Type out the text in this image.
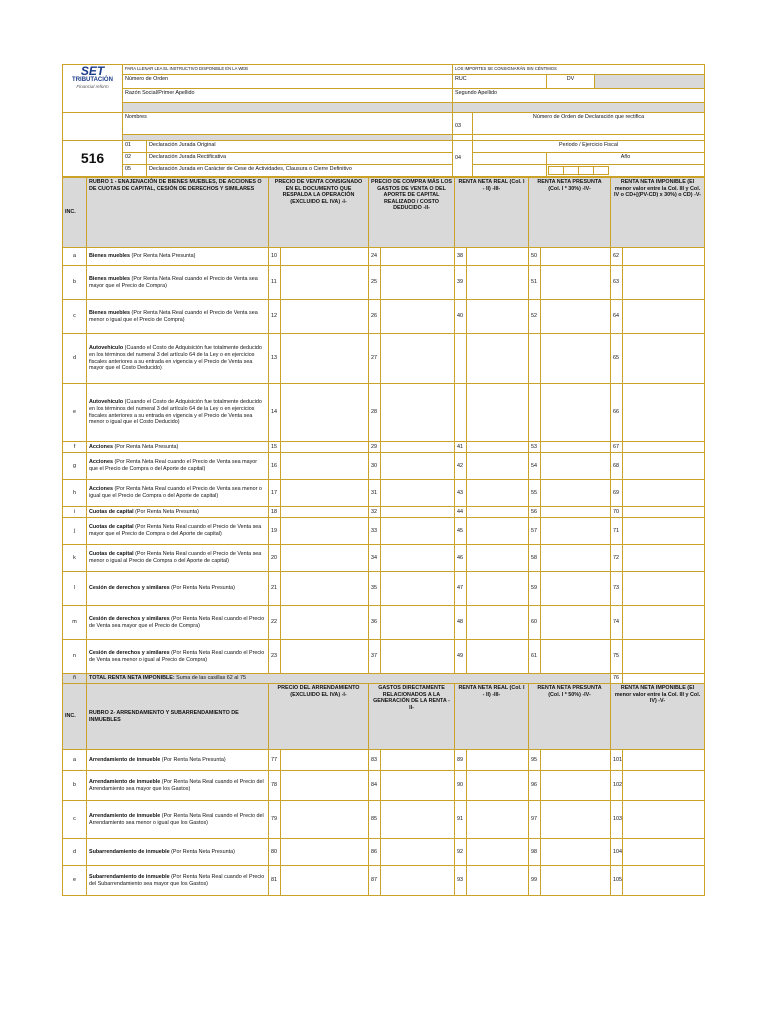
SET
TRIBUTACIÓN
Financial reform	PARA LLENAR LEA EL INSTRUCTIVO DISPONIBLE EN LA WEB		LOS IMPORTES SE CONSIGNARÁN SIN CÉNTIMOS			
	Número de Orden		RUC		DV	
	Razón Social/Primer Apellido		Segundo Apellido			

	Nombres		03	Número de Orden de Declaración que rectifica		

516	01	Declaración Jurada Original	04	Periodo / Ejercicio Fiscal		
	02	Declaración Jurada Rectificativa			Año	
	05	Declaración Jurada en Carácter de Cese de Actividades, Clausura o Cierre Definitivo				
INC.	RUBRO 1 - ENAJENACIÓN DE BIENES MUEBLES, DE ACCIONES O DE CUOTAS DE CAPITAL, CESIÓN DE DERECHOS Y SIMILARES	PRECIO DE VENTA CONSIGNADO EN EL DOCUMENTO QUE RESPALDA LA OPERACIÓN (EXCLUIDO EL IVA) -I-		PRECIO DE COMPRA MÁS LOS GASTOS DE VENTA O DEL APORTE DE CAPITAL REALIZADO / COSTO DEDUCIDO -II-		RENTA NETA REAL (Col. I - II) -III-		RENTA NETA PRESUNTA (Col. I * 30%) -IV-		RENTA NETA IMPONIBLE (El menor valor entre la Col. III y Col. IV o CD+[(PV-CD) x 30%) o CD) -V-	
a	Bienes muebles (Por Renta Neta Presunta)	10		24		38		50		62	
b	Bienes muebles (Por Renta Neta Real cuando el Precio de Venta sea mayor que el Precio de Compra)	11		25		39		51		63	
c	Bienes muebles (Por Renta Neta Real cuando el Precio de Venta sea menor o igual que el Precio de Compra)	12		26		40		52		64	
d	Autovehículo (Cuando el Costo de Adquisición fue totalmente deducido en los términos del numeral 3 del artículo 64 de la Ley o en ejercicios fiscales anteriores a su entrada en vigencia y el Precio de Venta sea mayor que el Costo Deducido)	13		27						65	
e	Autovehículo (Cuando el Costo de Adquisición fue totalmente deducido en los términos del numeral 3 del artículo 64 de la Ley o en ejercicios fiscales anteriores a su entrada en vigencia y el Precio de Venta sea menor o igual que el Costo Deducido)	14		28						66	
f	Acciones (Por Renta Neta Presunta)	15		29		41		53		67	
g	Acciones (Por Renta Neta Real cuando el Precio de Venta sea mayor que el Precio de Compra o del Aporte de capital)	16		30		42		54		68	
h	Acciones (Por Renta Neta Real cuando el Precio de Venta sea menor o igual que el Precio de Compra o del Aporte de capital)	17		31		43		55		69	
i	Cuotas de capital (Por Renta Neta Presunta)	18		32		44		56		70	
j	Cuotas de capital (Por Renta Neta Real cuando el Precio de Venta sea mayor que el Precio de Compra o del Aporte de capital)	19		33		45		57		71	
k	Cuotas de capital (Por Renta Neta Real cuando el Precio de Venta sea menor o igual al Precio de Compra o del Aporte de capital)	20		34		46		58		72	
l	Cesión de derechos y similares (Por Renta Neta Presunta)	21		35		47		59		73	
m	Cesión de derechos y similares (Por Renta Neta Real cuando el Precio de Venta sea mayor que el Precio de Compra)	22		36		48		60		74	
n	Cesión de derechos y similares (Por Renta Neta Real cuando el Precio de Venta sea menor o igual al Precio de Compra)	23		37		49		61		75	
ñ	TOTAL RENTA NETA IMPONIBLE: Suma de las casillas 62 al 75									76	
INC.	RUBRO 2- ARRENDAMIENTO Y SUBARRENDAMIENTO DE INMUEBLES	PRECIO DEL ARRENDAMIENTO (EXCLUIDO EL IVA) -I-		GASTOS DIRECTAMENTE RELACIONADOS A LA GENERACIÓN DE LA RENTA -II-		RENTA NETA REAL (Col. I - II) -III-		RENTA NETA PRESUNTA (Col. I * 50%) -IV-		RENTA NETA IMPONIBLE (El menor valor entre la Col. III y Col. IV) -V-	
a	Arrendamiento de inmueble (Por Renta Neta Presunta)	77		83		89		95		101	
b	Arrendamiento de inmueble (Por Renta Neta Real cuando el Precio del Arrendamiento sea mayor que los Gastos)	78		84		90		96		102	
c	Arrendamiento de inmueble (Por Renta Neta Real cuando el Precio del Arrendamiento sea menor o igual que los Gastos)	79		85		91		97		103	
d	Subarrendamiento de inmueble (Por Renta Neta Presunta)	80		86		92		98		104	
e	Subarrendamiento de inmueble (Por Renta Neta Real cuando el Precio del Subarrendamiento sea mayor que los Gastos)	81		87		93		99		105	
